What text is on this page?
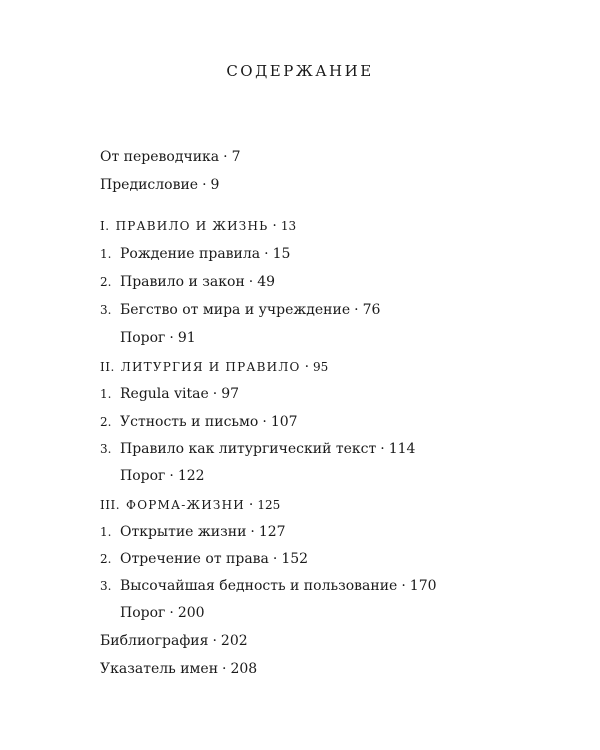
СОДЕРЖАНИЕ
От переводчика · 7
Предисловие · 9
I. ПРАВИЛО И ЖИЗНЬ · 13
1. Рождение правила · 15
2. Правило и закон · 49
3. Бегство от мира и учреждение · 76
Порог · 91
II. ЛИТУРГИЯ И ПРАВИЛО · 95
1. Regula vitae · 97
2. Устность и письмо · 107
3. Правило как литургический текст · 114
Порог · 122
III. ФОРМА-ЖИЗНИ · 125
1. Открытие жизни · 127
2. Отречение от права · 152
3. Высочайшая бедность и пользование · 170
Порог · 200
Библиография · 202
Указатель имен · 208
